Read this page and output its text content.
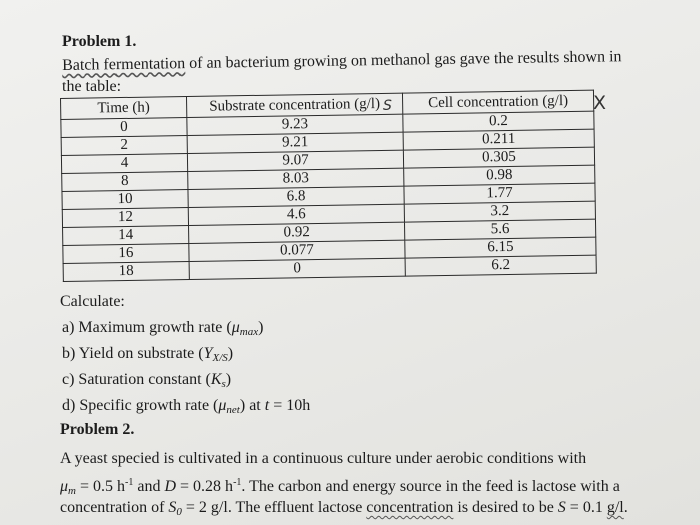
Problem 1.
Batch fermentation of an bacterium growing on methanol gas gave the results shown in
the table:
Time (h)	Substrate concentration (g/l)	Cell concentration (g/l)
0	9.23	0.2
2	9.21	0.211
4	9.07	0.305
8	8.03	0.98
10	6.8	1.77
12	4.6	3.2
14	0.92	5.6
16	0.077	6.15
18	0	6.2
S	X
Calculate:
a) Maximum growth rate $(\mu_{max})$
b) Yield on substrate $(Y_{X/S})$
c) Saturation constant $(K_s)$
d) Specific growth rate $(\mu_{net})$ at t = 10h
Problem 2.
A yeast specied is cultivated in a continuous culture under aerobic conditions with
$\mu_m = 0.5$ $h^{-1}$ and D = 0.28 $h^{-1}$. The carbon and energy source in the feed is lactose with a
concentration of $S_0 = 2$ g/l. The effluent lactose concentration is desired to be S = 0.1 g/l.
